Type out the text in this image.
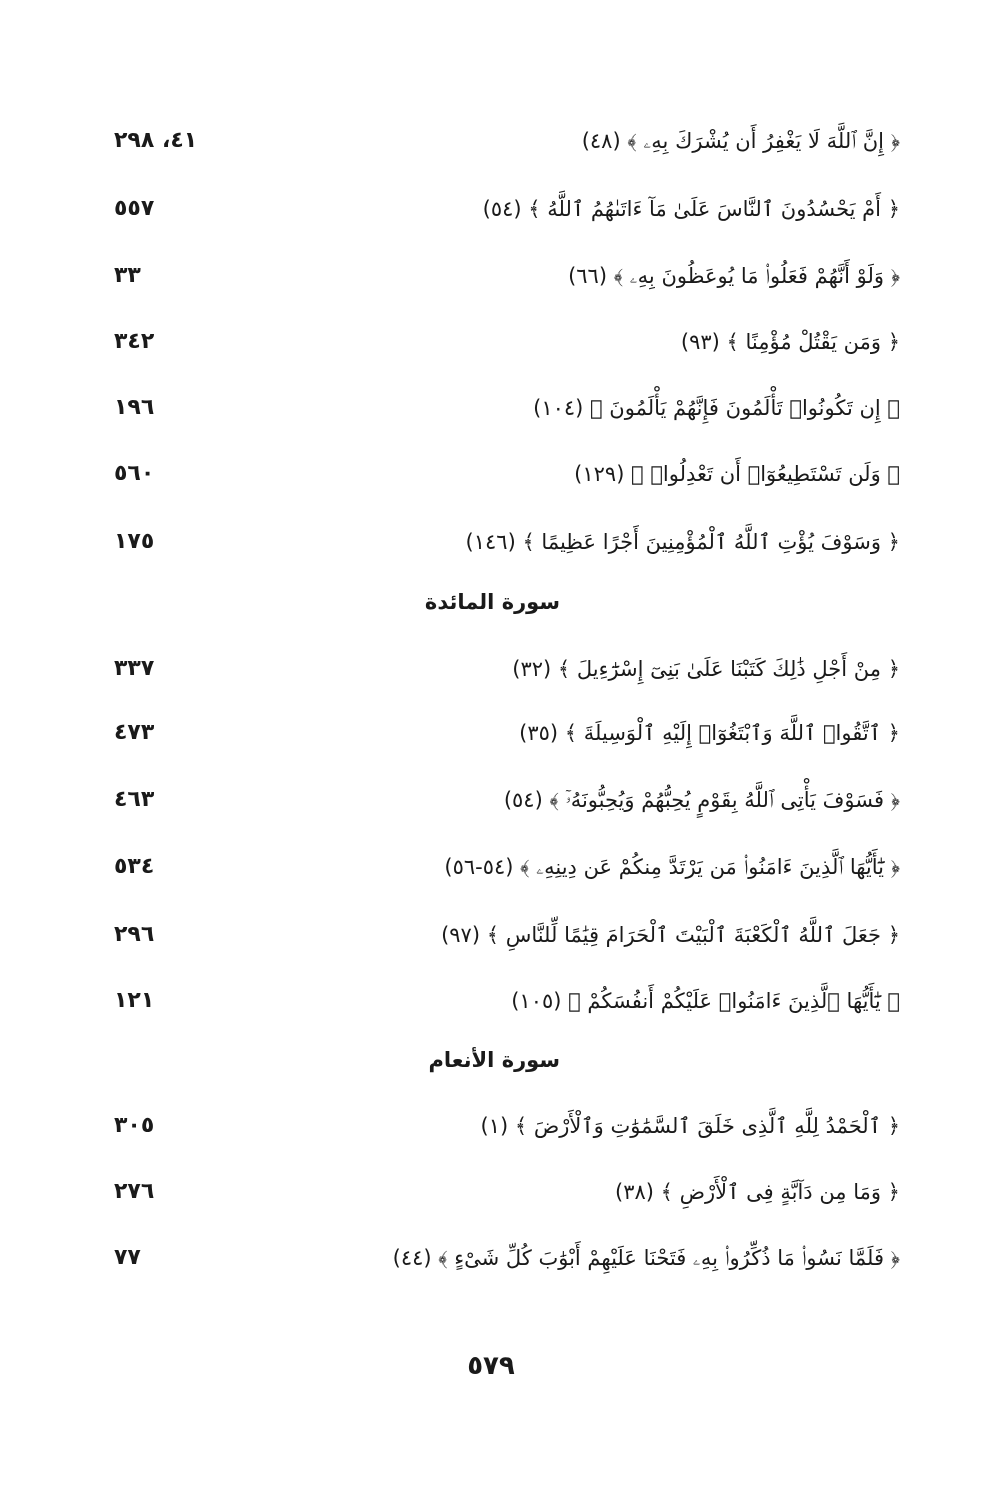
﴿ إِنَّ ٱللَّهَ لَا يَغْفِرُ أَن يُشْرَكَ بِهِۦ ﴾ (٤٨)
٤١، ٢٩٨
﴿ أَمْ يَحْسُدُونَ ٱلنَّاسَ عَلَىٰ مَآ ءَاتَىٰهُمُ ٱللَّهُ ﴾ (٥٤)
٥٥٧
﴿ وَلَوْ أَنَّهُمْ فَعَلُوا۟ مَا يُوعَظُونَ بِهِۦ ﴾ (٦٦)
٣٣
﴿ وَمَن يَقْتُلْ مُؤْمِنًا ﴾ (٩٣)
٣٤٢
﴿ إِن تَكُونُوا۟ تَأْلَمُونَ فَإِنَّهُمْ يَأْلَمُونَ ﴾ (١٠٤)
١٩٦
﴿ وَلَن تَسْتَطِيعُوٓا۟ أَن تَعْدِلُوا۟ ﴾ (١٢٩)
٥٦٠
﴿ وَسَوْفَ يُؤْتِ ٱللَّهُ ٱلْمُؤْمِنِينَ أَجْرًا عَظِيمًا ﴾ (١٤٦)
١٧٥
سورة المائدة
﴿ مِنْ أَجْلِ ذَٰلِكَ كَتَبْنَا عَلَىٰ بَنِىٓ إِسْرَٰٓءِيلَ ﴾ (٣٢)
٣٣٧
﴿ ٱتَّقُوا۟ ٱللَّهَ وَٱبْتَغُوٓا۟ إِلَيْهِ ٱلْوَسِيلَةَ ﴾ (٣٥)
٤٧٣
﴿ فَسَوْفَ يَأْتِى ٱللَّهُ بِقَوْمٍ يُحِبُّهُمْ وَيُحِبُّونَهُۥٓ ﴾ (٥٤)
٤٦٣
﴿ يَٰٓأَيُّهَا ٱلَّذِينَ ءَامَنُوا۟ مَن يَرْتَدَّ مِنكُمْ عَن دِينِهِۦ ﴾ (٥٤-٥٦)
٥٣٤
﴿ جَعَلَ ٱللَّهُ ٱلْكَعْبَةَ ٱلْبَيْتَ ٱلْحَرَامَ قِيَٰمًا لِّلنَّاسِ ﴾ (٩٧)
٢٩٦
﴿ يَٰٓأَيُّهَا ٱلَّذِينَ ءَامَنُوا۟ عَلَيْكُمْ أَنفُسَكُمْ ﴾ (١٠٥)
١٢١
سورة الأنعام
﴿ ٱلْحَمْدُ لِلَّهِ ٱلَّذِى خَلَقَ ٱلسَّمَٰوَٰتِ وَٱلْأَرْضَ ﴾ (١)
٣٠٥
﴿ وَمَا مِن دَآبَّةٍ فِى ٱلْأَرْضِ ﴾ (٣٨)
٢٧٦
﴿ فَلَمَّا نَسُوا۟ مَا ذُكِّرُوا۟ بِهِۦ فَتَحْنَا عَلَيْهِمْ أَبْوَٰبَ كُلِّ شَىْءٍ ﴾ (٤٤)
٧٧
٥٧٩
